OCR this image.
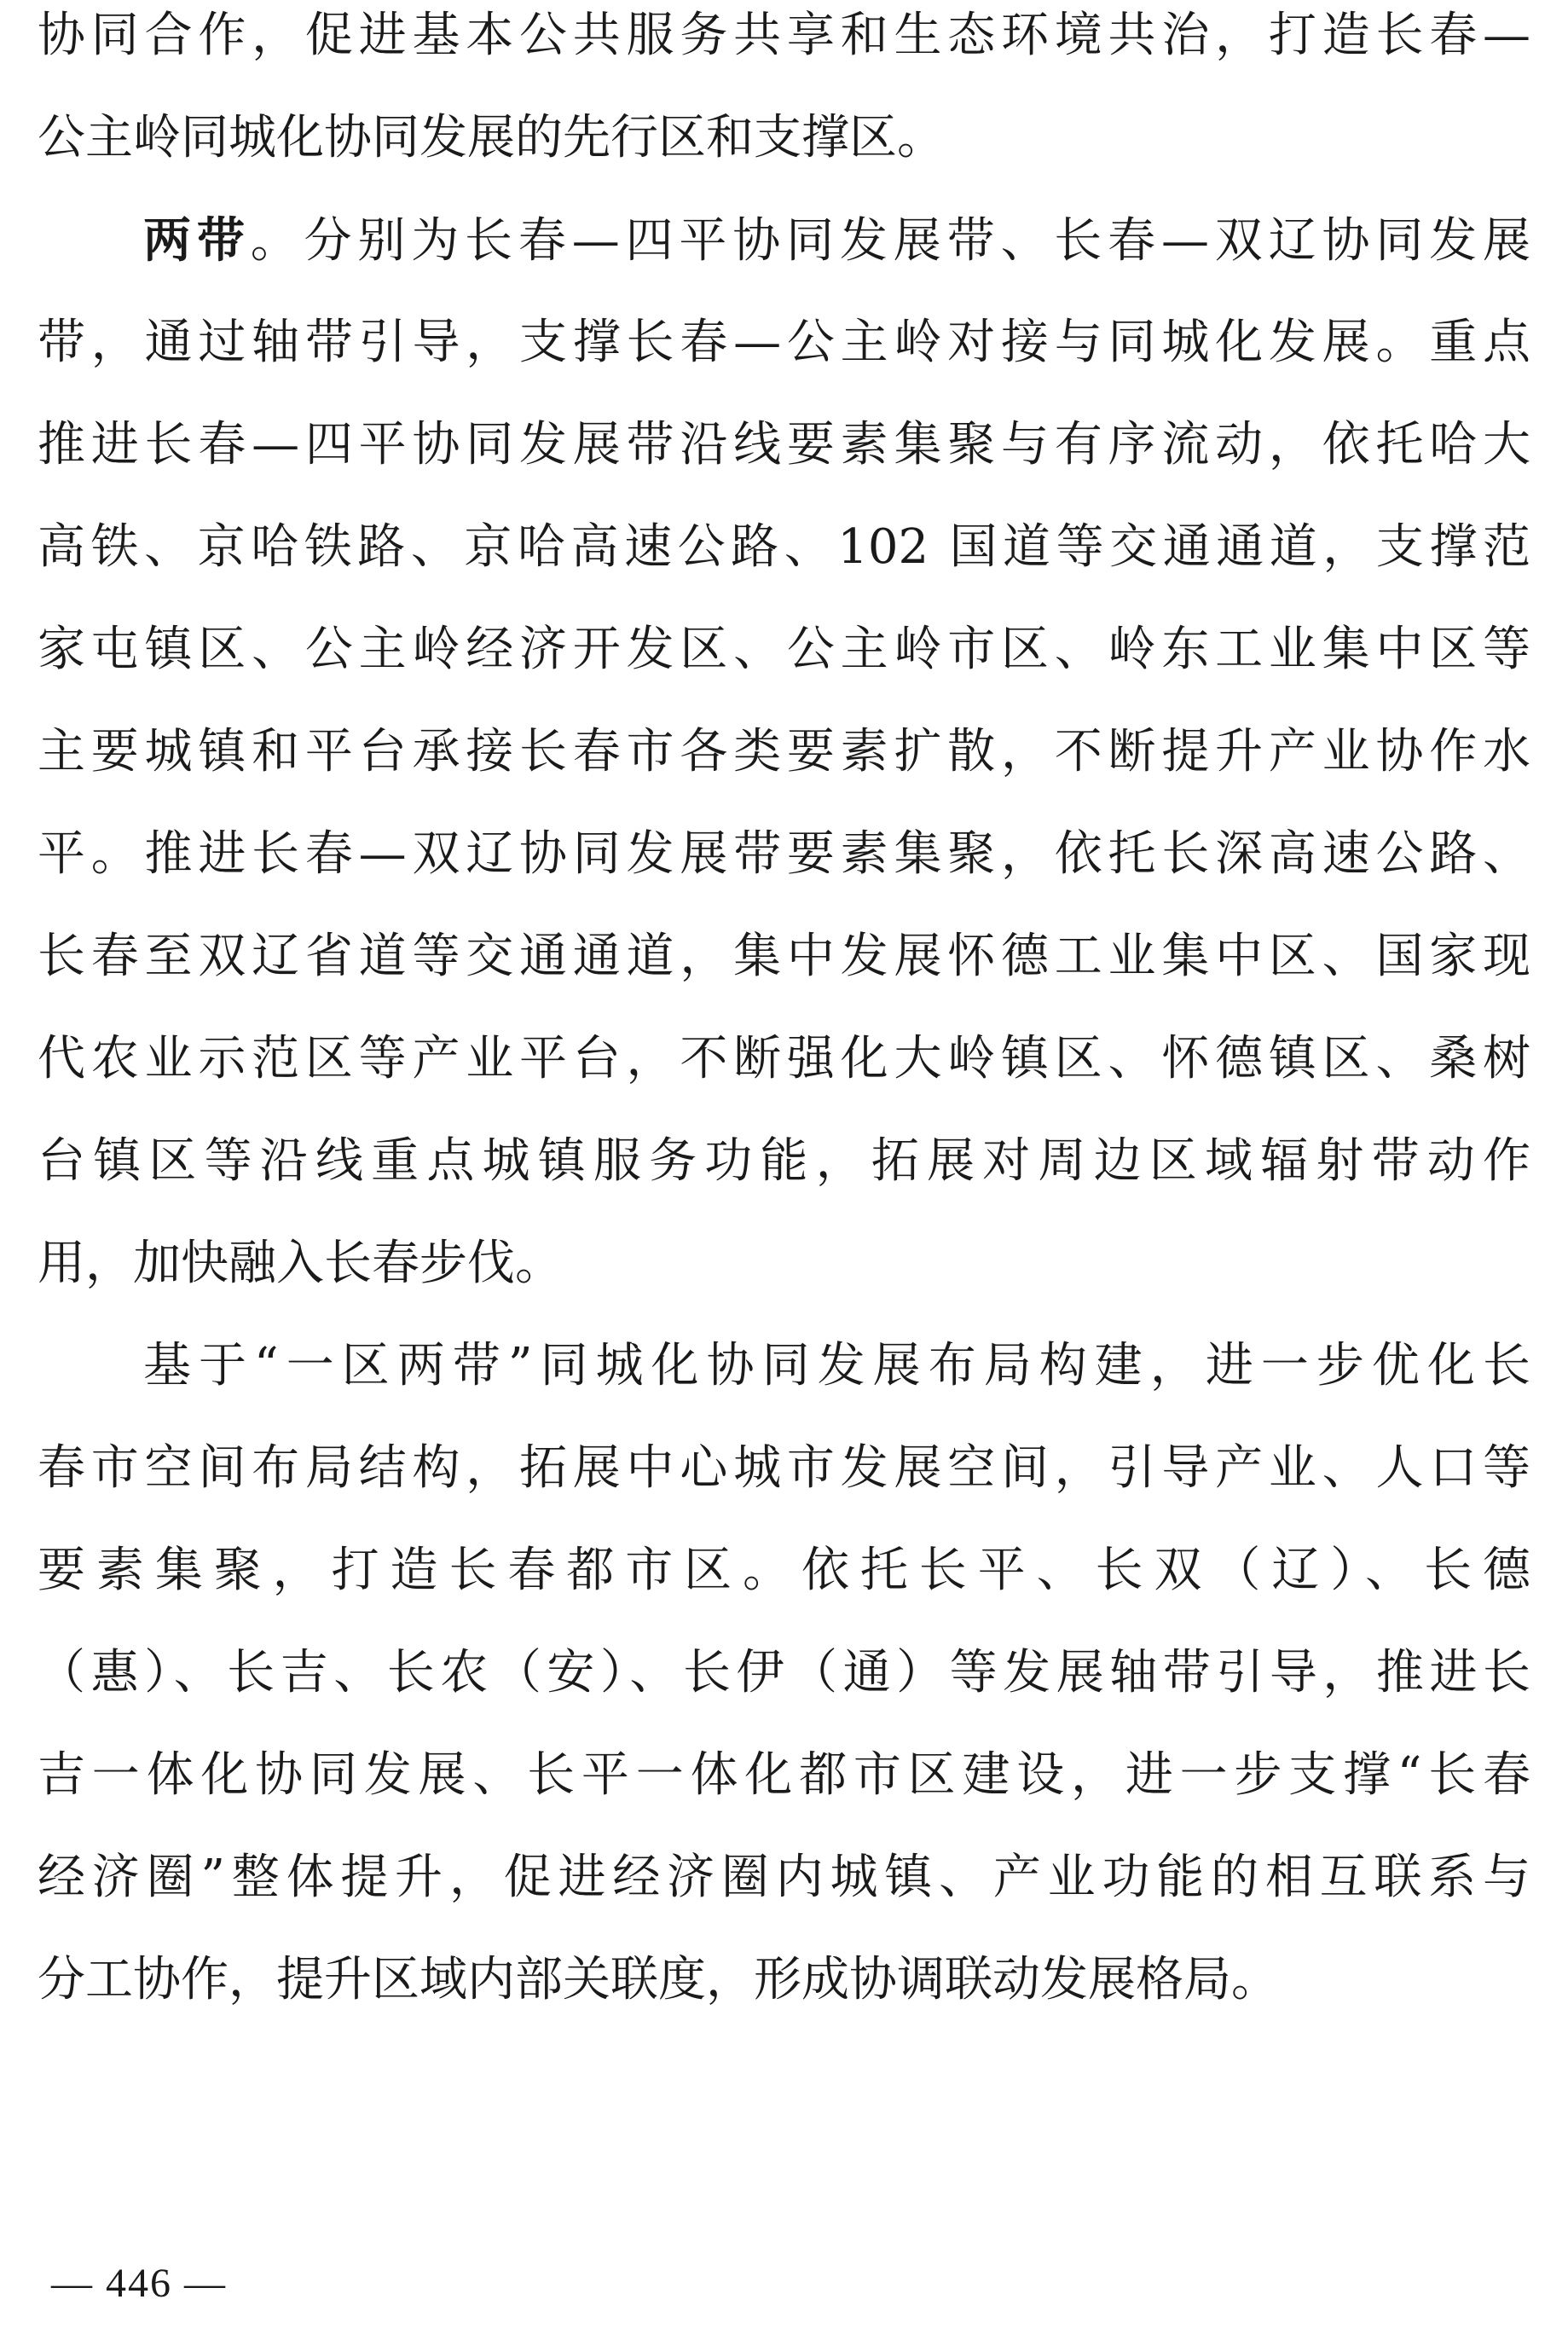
协同合作，促进基本公共服务共享和生态环境共治，打造长春—
公主岭同城化协同发展的先行区和支撑区。
两带。分别为长春—四平协同发展带、长春—双辽协同发展
带，通过轴带引导，支撑长春—公主岭对接与同城化发展。重点
推进长春—四平协同发展带沿线要素集聚与有序流动，依托哈大
高铁、京哈铁路、京哈高速公路、102 国道等交通通道，支撑范
家屯镇区、公主岭经济开发区、公主岭市区、岭东工业集中区等
主要城镇和平台承接长春市各类要素扩散，不断提升产业协作水
平。推进长春—双辽协同发展带要素集聚，依托长深高速公路、
长春至双辽省道等交通通道，集中发展怀德工业集中区、国家现
代农业示范区等产业平台，不断强化大岭镇区、怀德镇区、桑树
台镇区等沿线重点城镇服务功能，拓展对周边区域辐射带动作
用，加快融入长春步伐。
基于“一区两带”同城化协同发展布局构建，进一步优化长
春市空间布局结构，拓展中心城市发展空间，引导产业、人口等
要素集聚，打造长春都市区。依托长平、长双（辽）、长德
（惠）、长吉、长农（安）、长伊（通）等发展轴带引导，推进长
吉一体化协同发展、长平一体化都市区建设，进一步支撑“长春
经济圈”整体提升，促进经济圈内城镇、产业功能的相互联系与
分工协作，提升区域内部关联度，形成协调联动发展格局。
— 446 —
